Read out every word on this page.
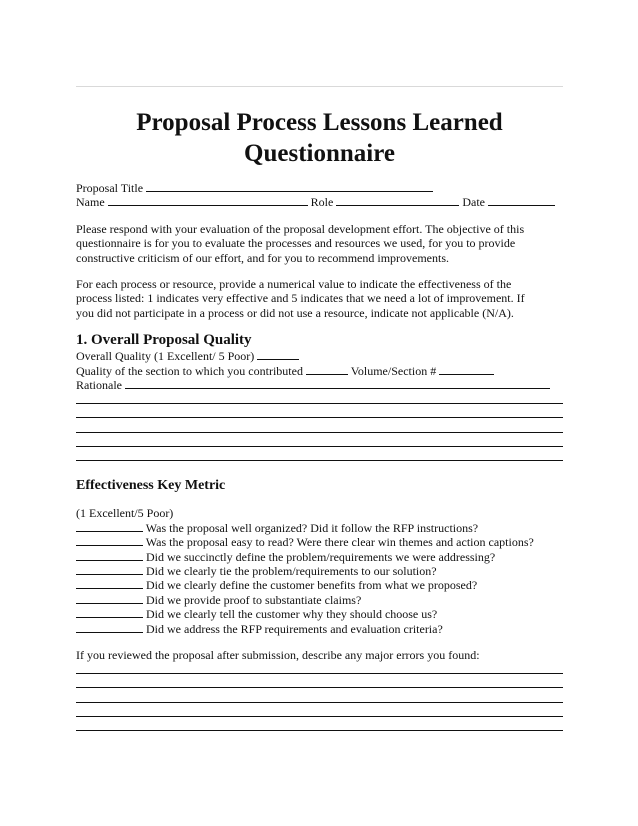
Proposal Process Lessons Learned
Questionnaire
Proposal Title
Name	Role	Date
Please respond with your evaluation of the proposal development effort. The objective of this
questionnaire is for you to evaluate the processes and resources we used, for you to provide
constructive criticism of our effort, and for you to recommend improvements.
For each process or resource, provide a numerical value to indicate the effectiveness of the
process listed: 1 indicates very effective and 5 indicates that we need a lot of improvement. If
you did not participate in a process or did not use a resource, indicate not applicable (N/A).
1. Overall Proposal Quality
Overall Quality (1 Excellent/ 5 Poor)
Quality of the section to which you contributed	Volume/Section #
Rationale
Effectiveness Key Metric
(1 Excellent/5 Poor)
Was the proposal well organized? Did it follow the RFP instructions?
Was the proposal easy to read? Were there clear win themes and action captions?
Did we succinctly define the problem/requirements we were addressing?
Did we clearly tie the problem/requirements to our solution?
Did we clearly define the customer benefits from what we proposed?
Did we provide proof to substantiate claims?
Did we clearly tell the customer why they should choose us?
Did we address the RFP requirements and evaluation criteria?
If you reviewed the proposal after submission, describe any major errors you found:
